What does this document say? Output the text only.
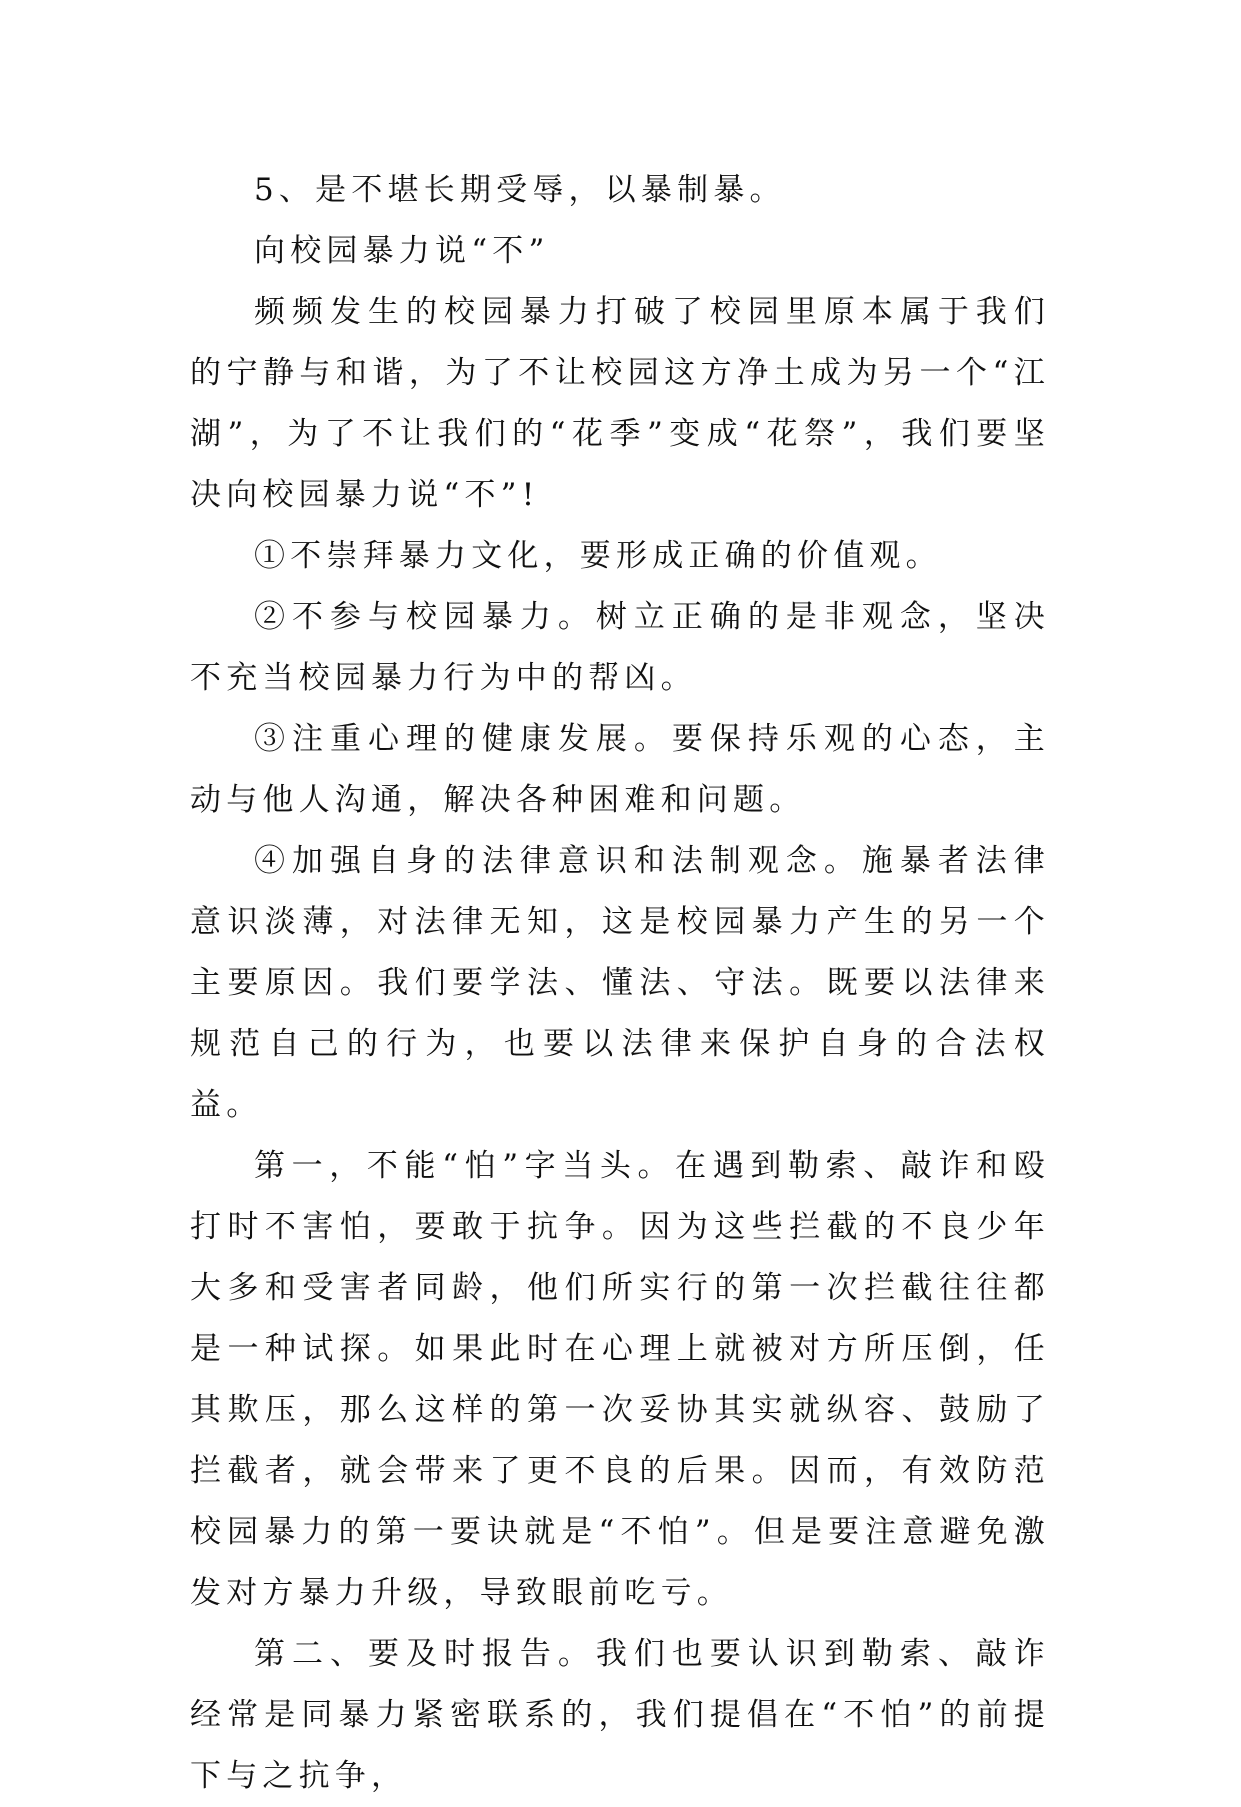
5、是不堪长期受辱，以暴制暴。

向校园暴力说“不”

频频发生的校园暴力打破了校园里原本属于我们的宁静与和谐，为了不让校园这方净土成为另一个“江湖”，为了不让我们的“花季”变成“花祭”，我们要坚决向校园暴力说“不”!

①不崇拜暴力文化，要形成正确的价值观。

②不参与校园暴力。树立正确的是非观念，坚决不充当校园暴力行为中的帮凶。

③注重心理的健康发展。要保持乐观的心态，主动与他人沟通，解决各种困难和问题。

④加强自身的法律意识和法制观念。施暴者法律意识淡薄，对法律无知，这是校园暴力产生的另一个主要原因。我们要学法、懂法、守法。既要以法律来规范自己的行为，也要以法律来保护自身的合法权益。

第一，不能“怕”字当头。在遇到勒索、敲诈和殴打时不害怕，要敢于抗争。因为这些拦截的不良少年大多和受害者同龄，他们所实行的第一次拦截往往都是一种试探。如果此时在心理上就被对方所压倒，任其欺压，那么这样的第一次妥协其实就纵容、鼓励了拦截者，就会带来了更不良的后果。因而，有效防范校园暴力的第一要诀就是“不怕”。但是要注意避免激发对方暴力升级，导致眼前吃亏。

第二、要及时报告。我们也要认识到勒索、敲诈经常是同暴力紧密联系的，我们提倡在“不怕”的前提下与之抗争，
